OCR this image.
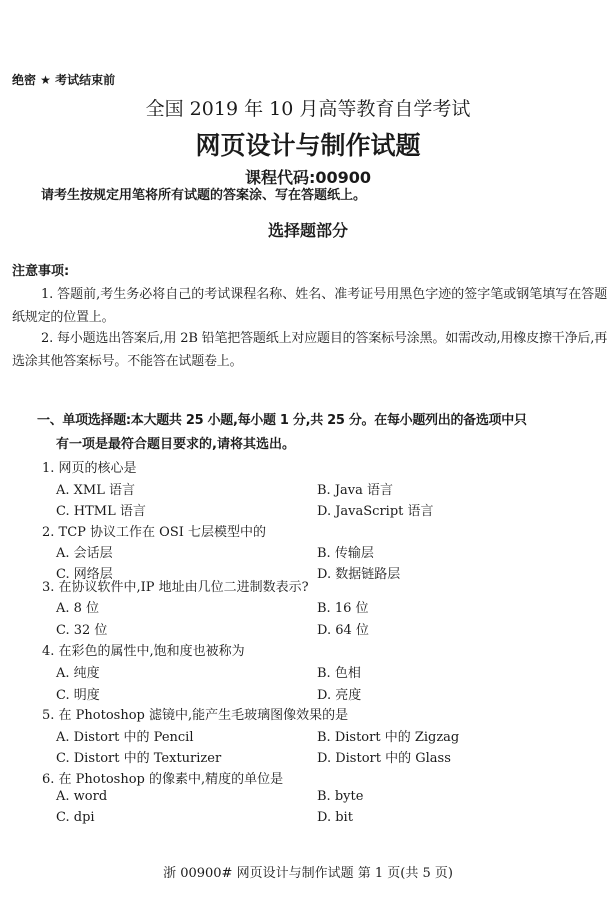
绝密 ★ 考试结束前
全国 2019 年 10 月高等教育自学考试
网页设计与制作试题
课程代码:00900
请考生按规定用笔将所有试题的答案涂、写在答题纸上。
选择题部分
注意事项:
1. 答题前,考生务必将自己的考试课程名称、姓名、准考证号用黑色字迹的签字笔或钢笔填写在答题纸规定的位置上。
2. 每小题选出答案后,用 2B 铅笔把答题纸上对应题目的答案标号涂黑。如需改动,用橡皮擦干净后,再选涂其他答案标号。不能答在试题卷上。
一、单项选择题:本大题共 25 小题,每小题 1 分,共 25 分。在每小题列出的备选项中只
有一项是最符合题目要求的,请将其选出。
1. 网页的核心是
A. XML 语言	B. Java 语言
C. HTML 语言	D. JavaScript 语言
2. TCP 协议工作在 OSI 七层模型中的
A. 会话层	B. 传输层
C. 网络层	D. 数据链路层
3. 在协议软件中,IP 地址由几位二进制数表示?
A. 8 位	B. 16 位
C. 32 位	D. 64 位
4. 在彩色的属性中,饱和度也被称为
A. 纯度	B. 色相
C. 明度	D. 亮度
5. 在 Photoshop 滤镜中,能产生毛玻璃图像效果的是
A. Distort 中的 Pencil	B. Distort 中的 Zigzag
C. Distort 中的 Texturizer	D. Distort 中的 Glass
6. 在 Photoshop 的像素中,精度的单位是
A. word	B. byte
C. dpi	D. bit
浙 00900# 网页设计与制作试题 第 1 页(共 5 页)
